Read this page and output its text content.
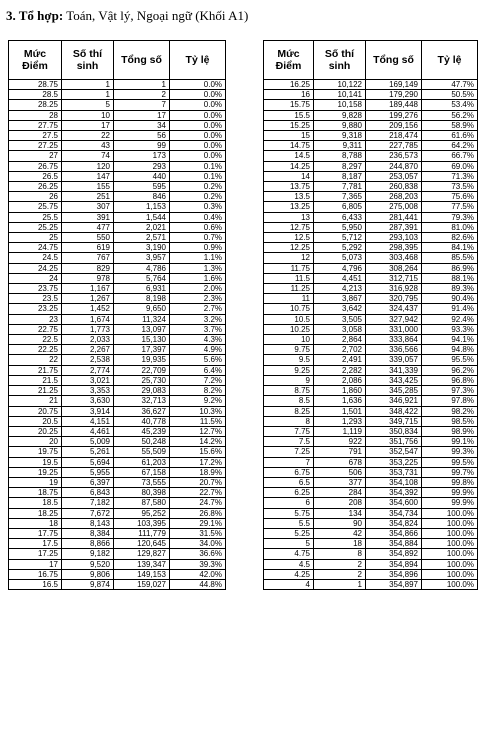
3. Tổ hợp: Toán, Vật lý, Ngoại ngữ (Khối A1)
Mức Điểm	Số thí sinh	Tổng số	Tỷ lệ
28.75	1	1	0.0%
28.5	1	2	0.0%
28.25	5	7	0.0%
28	10	17	0.0%
27.75	17	34	0.0%
27.5	22	56	0.0%
27.25	43	99	0.0%
27	74	173	0.0%
26.75	120	293	0.1%
26.5	147	440	0.1%
26.25	155	595	0.2%
26	251	846	0.2%
25.75	307	1,153	0.3%
25.5	391	1,544	0.4%
25.25	477	2,021	0.6%
25	550	2,571	0.7%
24.75	619	3,190	0.9%
24.5	767	3,957	1.1%
24.25	829	4,786	1.3%
24	978	5,764	1.6%
23.75	1,167	6,931	2.0%
23.5	1,267	8,198	2.3%
23.25	1,452	9,650	2.7%
23	1,674	11,324	3.2%
22.75	1,773	13,097	3.7%
22.5	2,033	15,130	4.3%
22.25	2,267	17,397	4.9%
22	2,538	19,935	5.6%
21.75	2,774	22,709	6.4%
21.5	3,021	25,730	7.2%
21.25	3,353	29,083	8.2%
21	3,630	32,713	9.2%
20.75	3,914	36,627	10.3%
20.5	4,151	40,778	11.5%
20.25	4,461	45,239	12.7%
20	5,009	50,248	14.2%
19.75	5,261	55,509	15.6%
19.5	5,694	61,203	17.2%
19.25	5,955	67,158	18.9%
19	6,397	73,555	20.7%
18.75	6,843	80,398	22.7%
18.5	7,182	87,580	24.7%
18.25	7,672	95,252	26.8%
18	8,143	103,395	29.1%
17.75	8,384	111,779	31.5%
17.5	8,866	120,645	34.0%
17.25	9,182	129,827	36.6%
17	9,520	139,347	39.3%
16.75	9,806	149,153	42.0%
16.5	9,874	159,027	44.8%
Mức Điểm	Số thí sinh	Tổng số	Tỷ lệ
16.25	10,122	169,149	47.7%
16	10,141	179,290	50.5%
15.75	10,158	189,448	53.4%
15.5	9,828	199,276	56.2%
15.25	9,880	209,156	58.9%
15	9,318	218,474	61.6%
14.75	9,311	227,785	64.2%
14.5	8,788	236,573	66.7%
14.25	8,297	244,870	69.0%
14	8,187	253,057	71.3%
13.75	7,781	260,838	73.5%
13.5	7,365	268,203	75.6%
13.25	6,805	275,008	77.5%
13	6,433	281,441	79.3%
12.75	5,950	287,391	81.0%
12.5	5,712	293,103	82.6%
12.25	5,292	298,395	84.1%
12	5,073	303,468	85.5%
11.75	4,796	308,264	86.9%
11.5	4,451	312,715	88.1%
11.25	4,213	316,928	89.3%
11	3,867	320,795	90.4%
10.75	3,642	324,437	91.4%
10.5	3,505	327,942	92.4%
10.25	3,058	331,000	93.3%
10	2,864	333,864	94.1%
9.75	2,702	336,566	94.8%
9.5	2,491	339,057	95.5%
9.25	2,282	341,339	96.2%
9	2,086	343,425	96.8%
8.75	1,860	345,285	97.3%
8.5	1,636	346,921	97.8%
8.25	1,501	348,422	98.2%
8	1,293	349,715	98.5%
7.75	1,119	350,834	98.9%
7.5	922	351,756	99.1%
7.25	791	352,547	99.3%
7	678	353,225	99.5%
6.75	506	353,731	99.7%
6.5	377	354,108	99.8%
6.25	284	354,392	99.9%
6	208	354,600	99.9%
5.75	134	354,734	100.0%
5.5	90	354,824	100.0%
5.25	42	354,866	100.0%
5	18	354,884	100.0%
4.75	8	354,892	100.0%
4.5	2	354,894	100.0%
4.25	2	354,896	100.0%
4	1	354,897	100.0%
